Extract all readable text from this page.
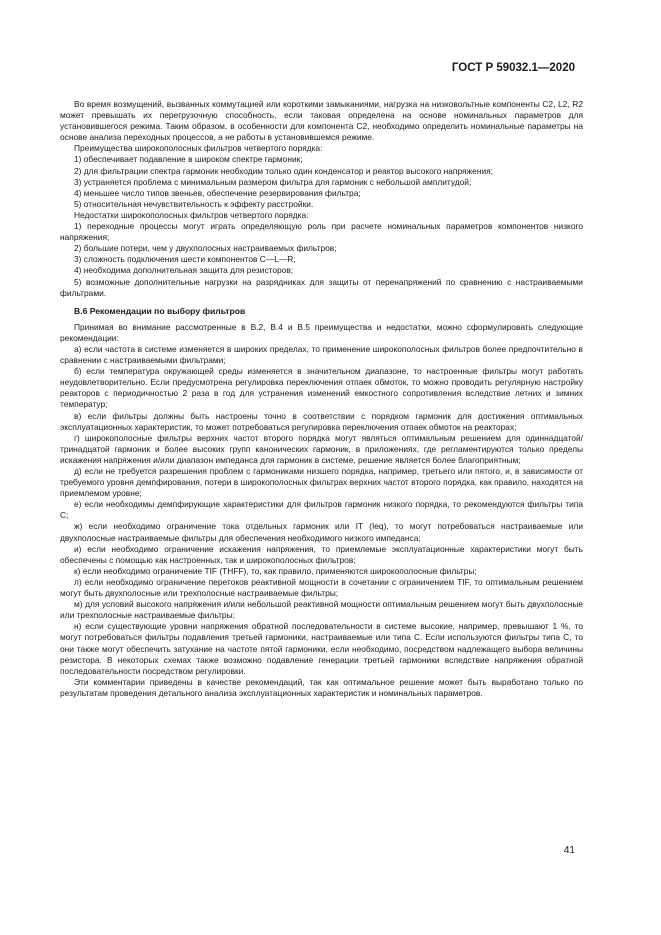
ГОСТ Р 59032.1—2020

Во время возмущений, вызванных коммутацией или короткими замыканиями, нагрузка на низковольтные компоненты C2, L2, R2 может превышать их перегрузочную способность, если таковая определена на основе номинальных параметров для установившегося режима. Таким образом, в особенности для компонента C2, необходимо определить номинальные параметры на основе анализа переходных процессов, а не работы в установившемся режиме.

Преимущества широкополосных фильтров четвертого порядка:

1) обеспечивает подавление в широком спектре гармоник;

2) для фильтрации спектра гармоник необходим только один конденсатор и реактор высокого напряжения;

3) устраняется проблема с минимальным размером фильтра для гармоник с небольшой амплитудой;

4) меньшее число типов звеньев, обеспечение резервирования фильтра;

5) относительная нечувствительность к эффекту расстройки.

Недостатки широкополосных фильтров четвертого порядка:

1) переходные процессы могут играть определяющую роль при расчете номинальных параметров компонентов низкого напряжения;

2) большие потери, чем у двухполосных настраиваемых фильтров;

3) сложность подключения шести компонентов C—L—R;

4) необходима дополнительная защита для резисторов;

5) возможные дополнительные нагрузки на разрядниках для защиты от перенапряжений по сравнению с настраиваемыми фильтрами.

В.6 Рекомендации по выбору фильтров

Принимая во внимание рассмотренные в В.2, В.4 и В.5 преимущества и недостатки, можно сформулировать следующие рекомендации:

а) если частота в системе изменяется в широких пределах, то применение широкополосных фильтров более предпочтительно в сравнении с настраиваемыми фильтрами;

б) если температура окружающей среды изменяется в значительном диапазоне, то настроенные фильтры могут работать неудовлетворительно. Если предусмотрена регулировка переключения отпаек обмоток, то можно проводить регулярную настройку реакторов с периодичностью 2 раза в год для устранения изменений емкостного сопротивления вследствие летних и зимних температур;

в) если фильтры должны быть настроены точно в соответствии с порядком гармоник для достижения оптимальных эксплуатационных характеристик, то может потребоваться регулировка переключения отпаек обмоток на реакторах;

г) широкополосные фильтры верхних частот второго порядка могут являться оптимальным решением для одиннадцатой/тринадцатой гармоник и более высоких групп канонических гармоник, в приложениях, где регламентируются только пределы искажения напряжения и/или диапазон импеданса для гармоник в системе, решение является более благоприятным;

д) если не требуется разрешения проблем с гармониками низшего порядка, например, третьего или пятого, и, в зависимости от требуемого уровня демпфирования, потери в широкополосных фильтрах верхних частот второго порядка, как правило, находятся на приемлемом уровне;

е) если необходимы демпфирующие характеристики для фильтров гармоник низкого порядка, то рекомендуются фильтры типа C;

ж) если необходимо ограничение тока отдельных гармоник или IT (Ieq), то могут потребоваться настраиваемые или двухполосные настраиваемые фильтры для обеспечения необходимого низкого импеданса;

и) если необходимо ограничение искажения напряжения, то приемлемые эксплуатационные характеристики могут быть обеспечены с помощью как настроенных, так и широкополосных фильтров;

к) если необходимо ограничение TIF (THFF), то, как правило, применяются широкополосные фильтры;

л) если необходимо ограничение перетоков реактивной мощности в сочетании с ограничением TIF, то оптимальным решением могут быть двухполосные или трехполосные настраиваемые фильтры;

м) для условий высокого напряжения и/или небольшой реактивной мощности оптимальным решением могут быть двухполосные или трехполосные настраиваемые фильтры;

н) если существующие уровни напряжения обратной последовательности в системе высокие, например, превышают 1 %, то могут потребоваться фильтры подавления третьей гармоники, настраиваемые или типа C. Если используются фильтры типа C, то они также могут обеспечить затухание на частоте пятой гармоники, если необходимо, посредством надлежащего выбора величины резистора. В некоторых схемах также возможно подавление генерации третьей гармоники вследствие напряжения обратной последовательности посредством регулировки.

Эти комментарии приведены в качестве рекомендаций, так как оптимальное решение может быть выработано только по результатам проведения детального анализа эксплуатационных характеристик и номинальных параметров.

41
